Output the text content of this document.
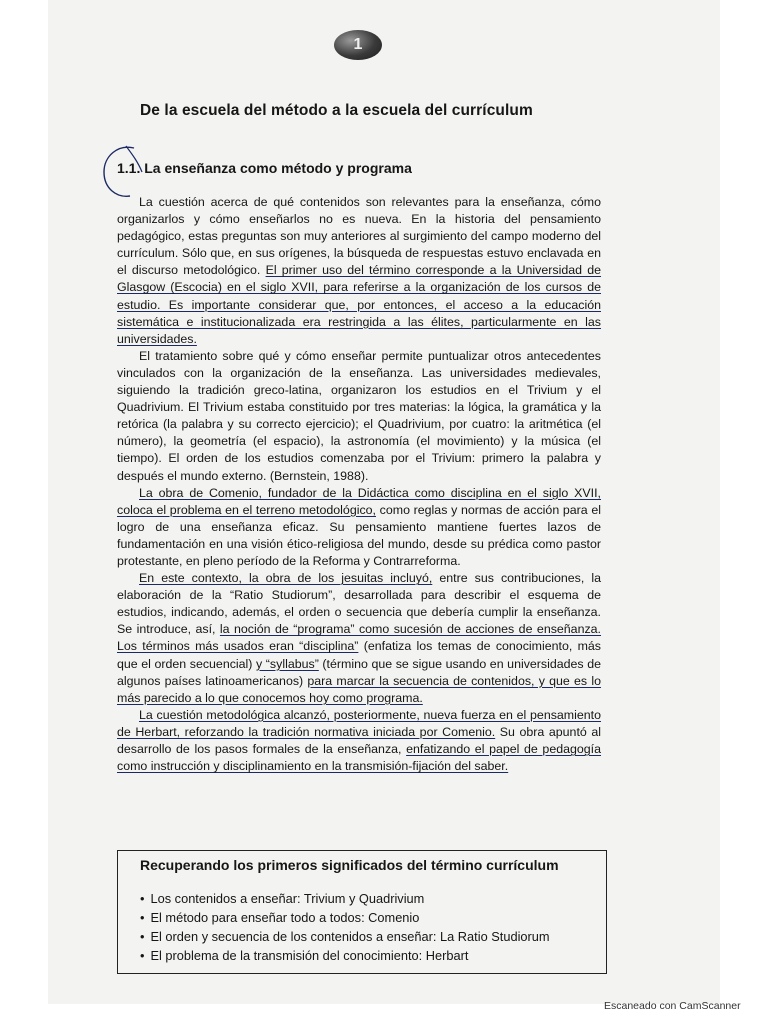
1
De la escuela del método a la escuela del currículum
1.1. La enseñanza como método y programa

La cuestión acerca de qué contenidos son relevantes para la enseñanza, cómo organizarlos y cómo enseñarlos no es nueva. En la historia del pensamiento pedagógico, estas preguntas son muy anteriores al surgimiento del campo moderno del currículum. Sólo que, en sus orígenes, la búsqueda de respuestas estuvo enclavada en el discurso metodológico. El primer uso del término corresponde a la Universidad de Glasgow (Escocia) en el siglo XVII, para referirse a la organización de los cursos de estudio. Es importante considerar que, por entonces, el acceso a la educación sistemática e institucionalizada era restringida a las élites, particularmente en las universidades.

El tratamiento sobre qué y cómo enseñar permite puntualizar otros antecedentes vinculados con la organización de la enseñanza. Las universidades medievales, siguiendo la tradición greco-latina, organizaron los estudios en el Trivium y el Quadrivium. El Trivium estaba constituido por tres materias: la lógica, la gramática y la retórica (la palabra y su correcto ejercicio); el Quadrivium, por cuatro: la aritmética (el número), la geometría (el espacio), la astronomía (el movimiento) y la música (el tiempo). El orden de los estudios comenzaba por el Trivium: primero la palabra y después el mundo externo. (Bernstein, 1988).

La obra de Comenio, fundador de la Didáctica como disciplina en el siglo XVII, coloca el problema en el terreno metodológico, como reglas y normas de acción para el logro de una enseñanza eficaz. Su pensamiento mantiene fuertes lazos de fundamentación en una visión ético-religiosa del mundo, desde su prédica como pastor protestante, en pleno período de la Reforma y Contrarreforma.

En este contexto, la obra de los jesuitas incluyó, entre sus contribuciones, la elaboración de la “Ratio Studiorum”, desarrollada para describir el esquema de estudios, indicando, además, el orden o secuencia que debería cumplir la enseñanza. Se introduce, así, la noción de “programa” como sucesión de acciones de enseñanza. Los términos más usados eran “disciplina” (enfatiza los temas de conocimiento, más que el orden secuencial) y “syllabus” (término que se sigue usando en universidades de algunos países latinoamericanos) para marcar la secuencia de contenidos, y que es lo más parecido a lo que conocemos hoy como programa.

La cuestión metodológica alcanzó, posteriormente, nueva fuerza en el pensamiento de Herbart, reforzando la tradición normativa iniciada por Comenio. Su obra apuntó al desarrollo de los pasos formales de la enseñanza, enfatizando el papel de pedagogía como instrucción y disciplinamiento en la transmisión-fijación del saber.

Recuperando los primeros significados del término currículum
• Los contenidos a enseñar: Trivium y Quadrivium
• El método para enseñar todo a todos: Comenio
• El orden y secuencia de los contenidos a enseñar: La Ratio Studiorum
• El problema de la transmisión del conocimiento: Herbart
Escaneado con CamScanner
